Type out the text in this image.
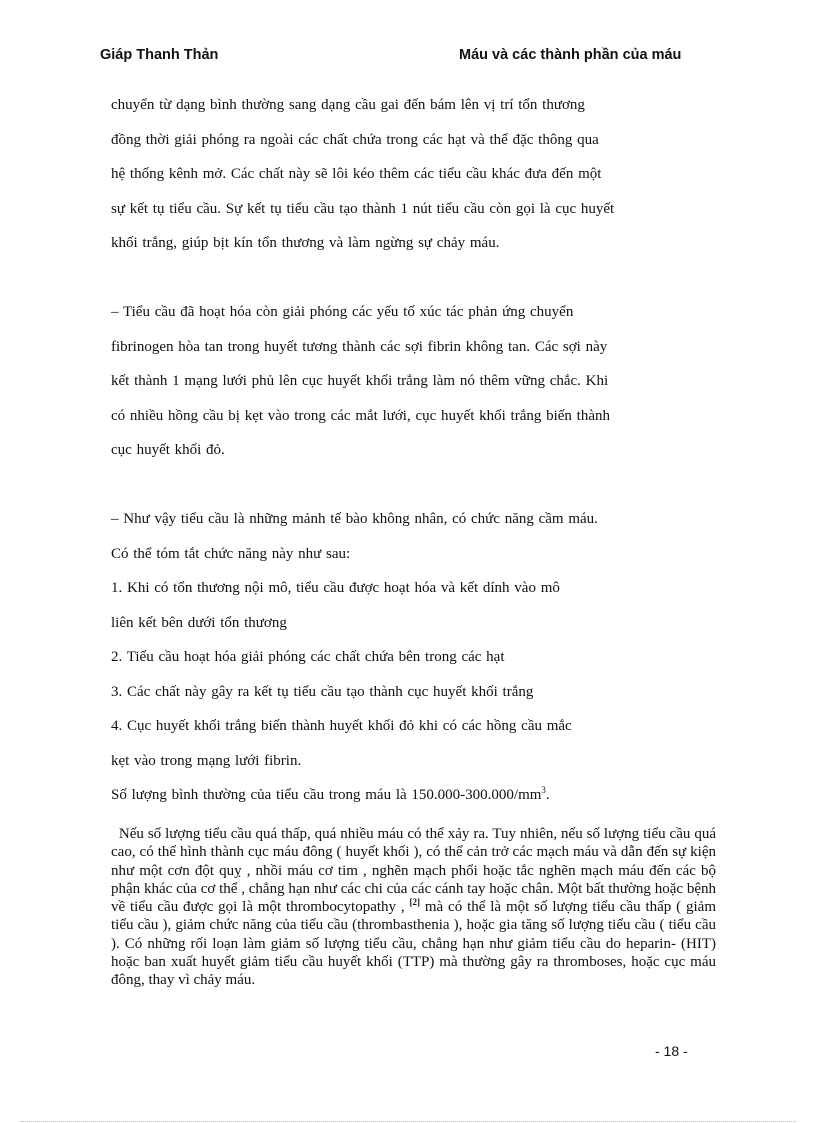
Giáp Thanh Thản	Máu và các thành phần của máu
chuyển từ dạng bình thường sang dạng cầu gai đến bám lên vị trí tổn thương
đồng thời giải phóng ra ngoài các chất chứa trong các hạt và thể đặc thông qua
hệ thống kênh mở. Các chất này sẽ lôi kéo thêm các tiểu cầu khác đưa đến một
sự kết tụ tiểu cầu. Sự kết tụ tiểu cầu tạo thành 1 nút tiểu cầu còn gọi là cục huyết
khối trắng, giúp bịt kín tổn thương và làm ngừng sự chảy máu.
– Tiểu cầu đã hoạt hóa còn giải phóng các yếu tố xúc tác phản ứng chuyển
fibrinogen hòa tan trong huyết tương thành các sợi fibrin không tan. Các sợi này
kết thành 1 mạng lưới phủ lên cục huyết khối trắng làm nó thêm vững chắc. Khi
có nhiều hồng cầu bị kẹt vào trong các mắt lưới, cục huyết khối trắng biến thành
cục huyết khối đỏ.
– Như vậy tiểu cầu là những mảnh tế bào không nhân, có chức năng cầm máu.
Có thể tóm tắt chức năng này như sau:
1. Khi có tổn thương nội mô, tiểu cầu được hoạt hóa và kết dính vào mô
liên kết bên dưới tổn thương
2. Tiểu cầu hoạt hóa giải phóng các chất chứa bên trong các hạt
3. Các chất này gây ra kết tụ tiểu cầu tạo thành cục huyết khối trắng
4. Cục huyết khối trắng biến thành huyết khối đỏ khi có các hồng cầu mắc
kẹt vào trong mạng lưới fibrin.
Số lượng bình thường của tiểu cầu trong máu là $150.000-300.000/mm^3$.

Nếu số lượng tiểu cầu quá thấp, quá nhiều máu có thể xảy ra. Tuy nhiên, nếu số lượng tiểu cầu quá cao, có thể hình thành cục máu đông ( huyết khối ), có thể cản trở các mạch máu và dẫn đến sự kiện như một cơn đột quỵ , nhồi máu cơ tim , nghẽn mạch phổi hoặc tắc nghẽn mạch máu đến các bộ phận khác của cơ thể , chẳng hạn như các chi của các cánh tay hoặc chân. Một bất thường hoặc bệnh về tiểu cầu được gọi là một thrombocytopathy , [2] mà có thể là một số lượng tiểu cầu thấp ( giảm tiểu cầu ), giảm chức năng của tiểu cầu (thrombasthenia ), hoặc gia tăng số lượng tiểu cầu ( tiểu cầu ). Có những rối loạn làm giảm số lượng tiểu cầu, chẳng hạn như giảm tiểu cầu do heparin- (HIT) hoặc ban xuất huyết giảm tiểu cầu huyết khối (TTP) mà thường gây ra thromboses, hoặc cục máu đông, thay vì chảy máu.

- 18 -
